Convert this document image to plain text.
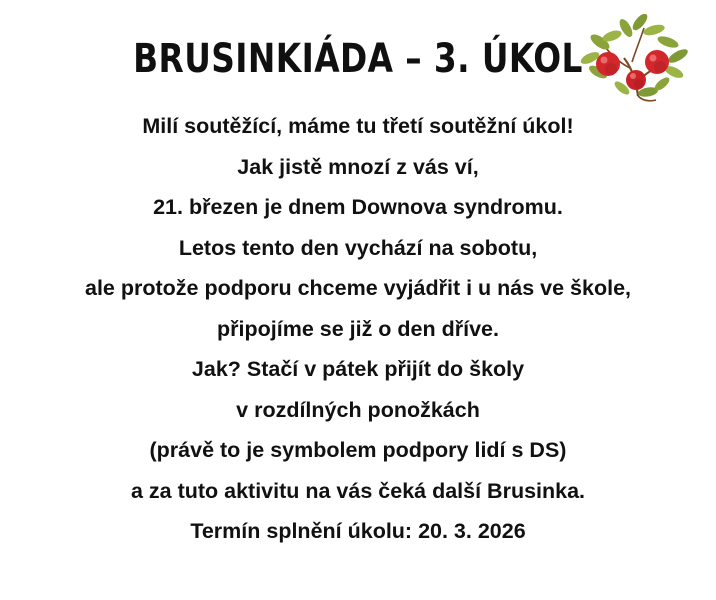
BRUSINKIÁDA – 3. ÚKOL
Milí soutěžící, máme tu třetí soutěžní úkol!
Jak jistě mnozí z vás ví,
21. březen je dnem Downova syndromu.
Letos tento den vychází na sobotu,
ale protože podporu chceme vyjádřit i u nás ve škole,
připojíme se již o den dříve.
Jak? Stačí v pátek přijít do školy
v rozdílných ponožkách
(právě to je symbolem podpory lidí s DS)
a za tuto aktivitu na vás čeká další Brusinka.
Termín splnění úkolu: 20. 3. 2026
